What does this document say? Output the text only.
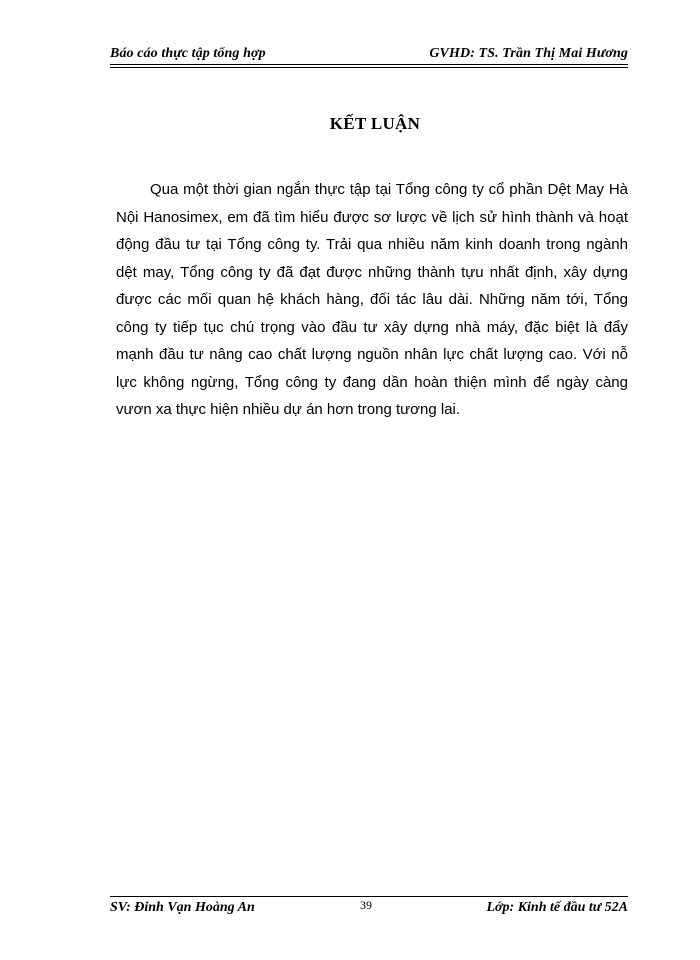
Báo cáo thực tập tổng hợp	GVHD: TS. Trần Thị Mai Hương
KẾT LUẬN

Qua một thời gian ngắn thực tập tại Tổng công ty cổ phần Dệt May Hà Nội Hanosimex, em đã tìm hiểu được sơ lược về lịch sử hình thành và hoạt động đầu tư tại Tổng công ty. Trải qua nhiều năm kinh doanh trong ngành dệt may, Tổng công ty đã đạt được những thành tựu nhất định, xây dựng được các mối quan hệ khách hàng, đối tác lâu dài. Những năm tới, Tổng công ty tiếp tục chú trọng vào đầu tư xây dựng nhà máy, đặc biệt là đẩy mạnh đầu tư nâng cao chất lượng nguồn nhân lực chất lượng cao. Với nỗ lực không ngừng, Tổng công ty đang dần hoàn thiện mình để ngày càng vươn xa thực hiện nhiều dự án hơn trong tương lai.

SV: Đinh Vạn Hoàng An	39	Lớp: Kinh tế đầu tư 52A
